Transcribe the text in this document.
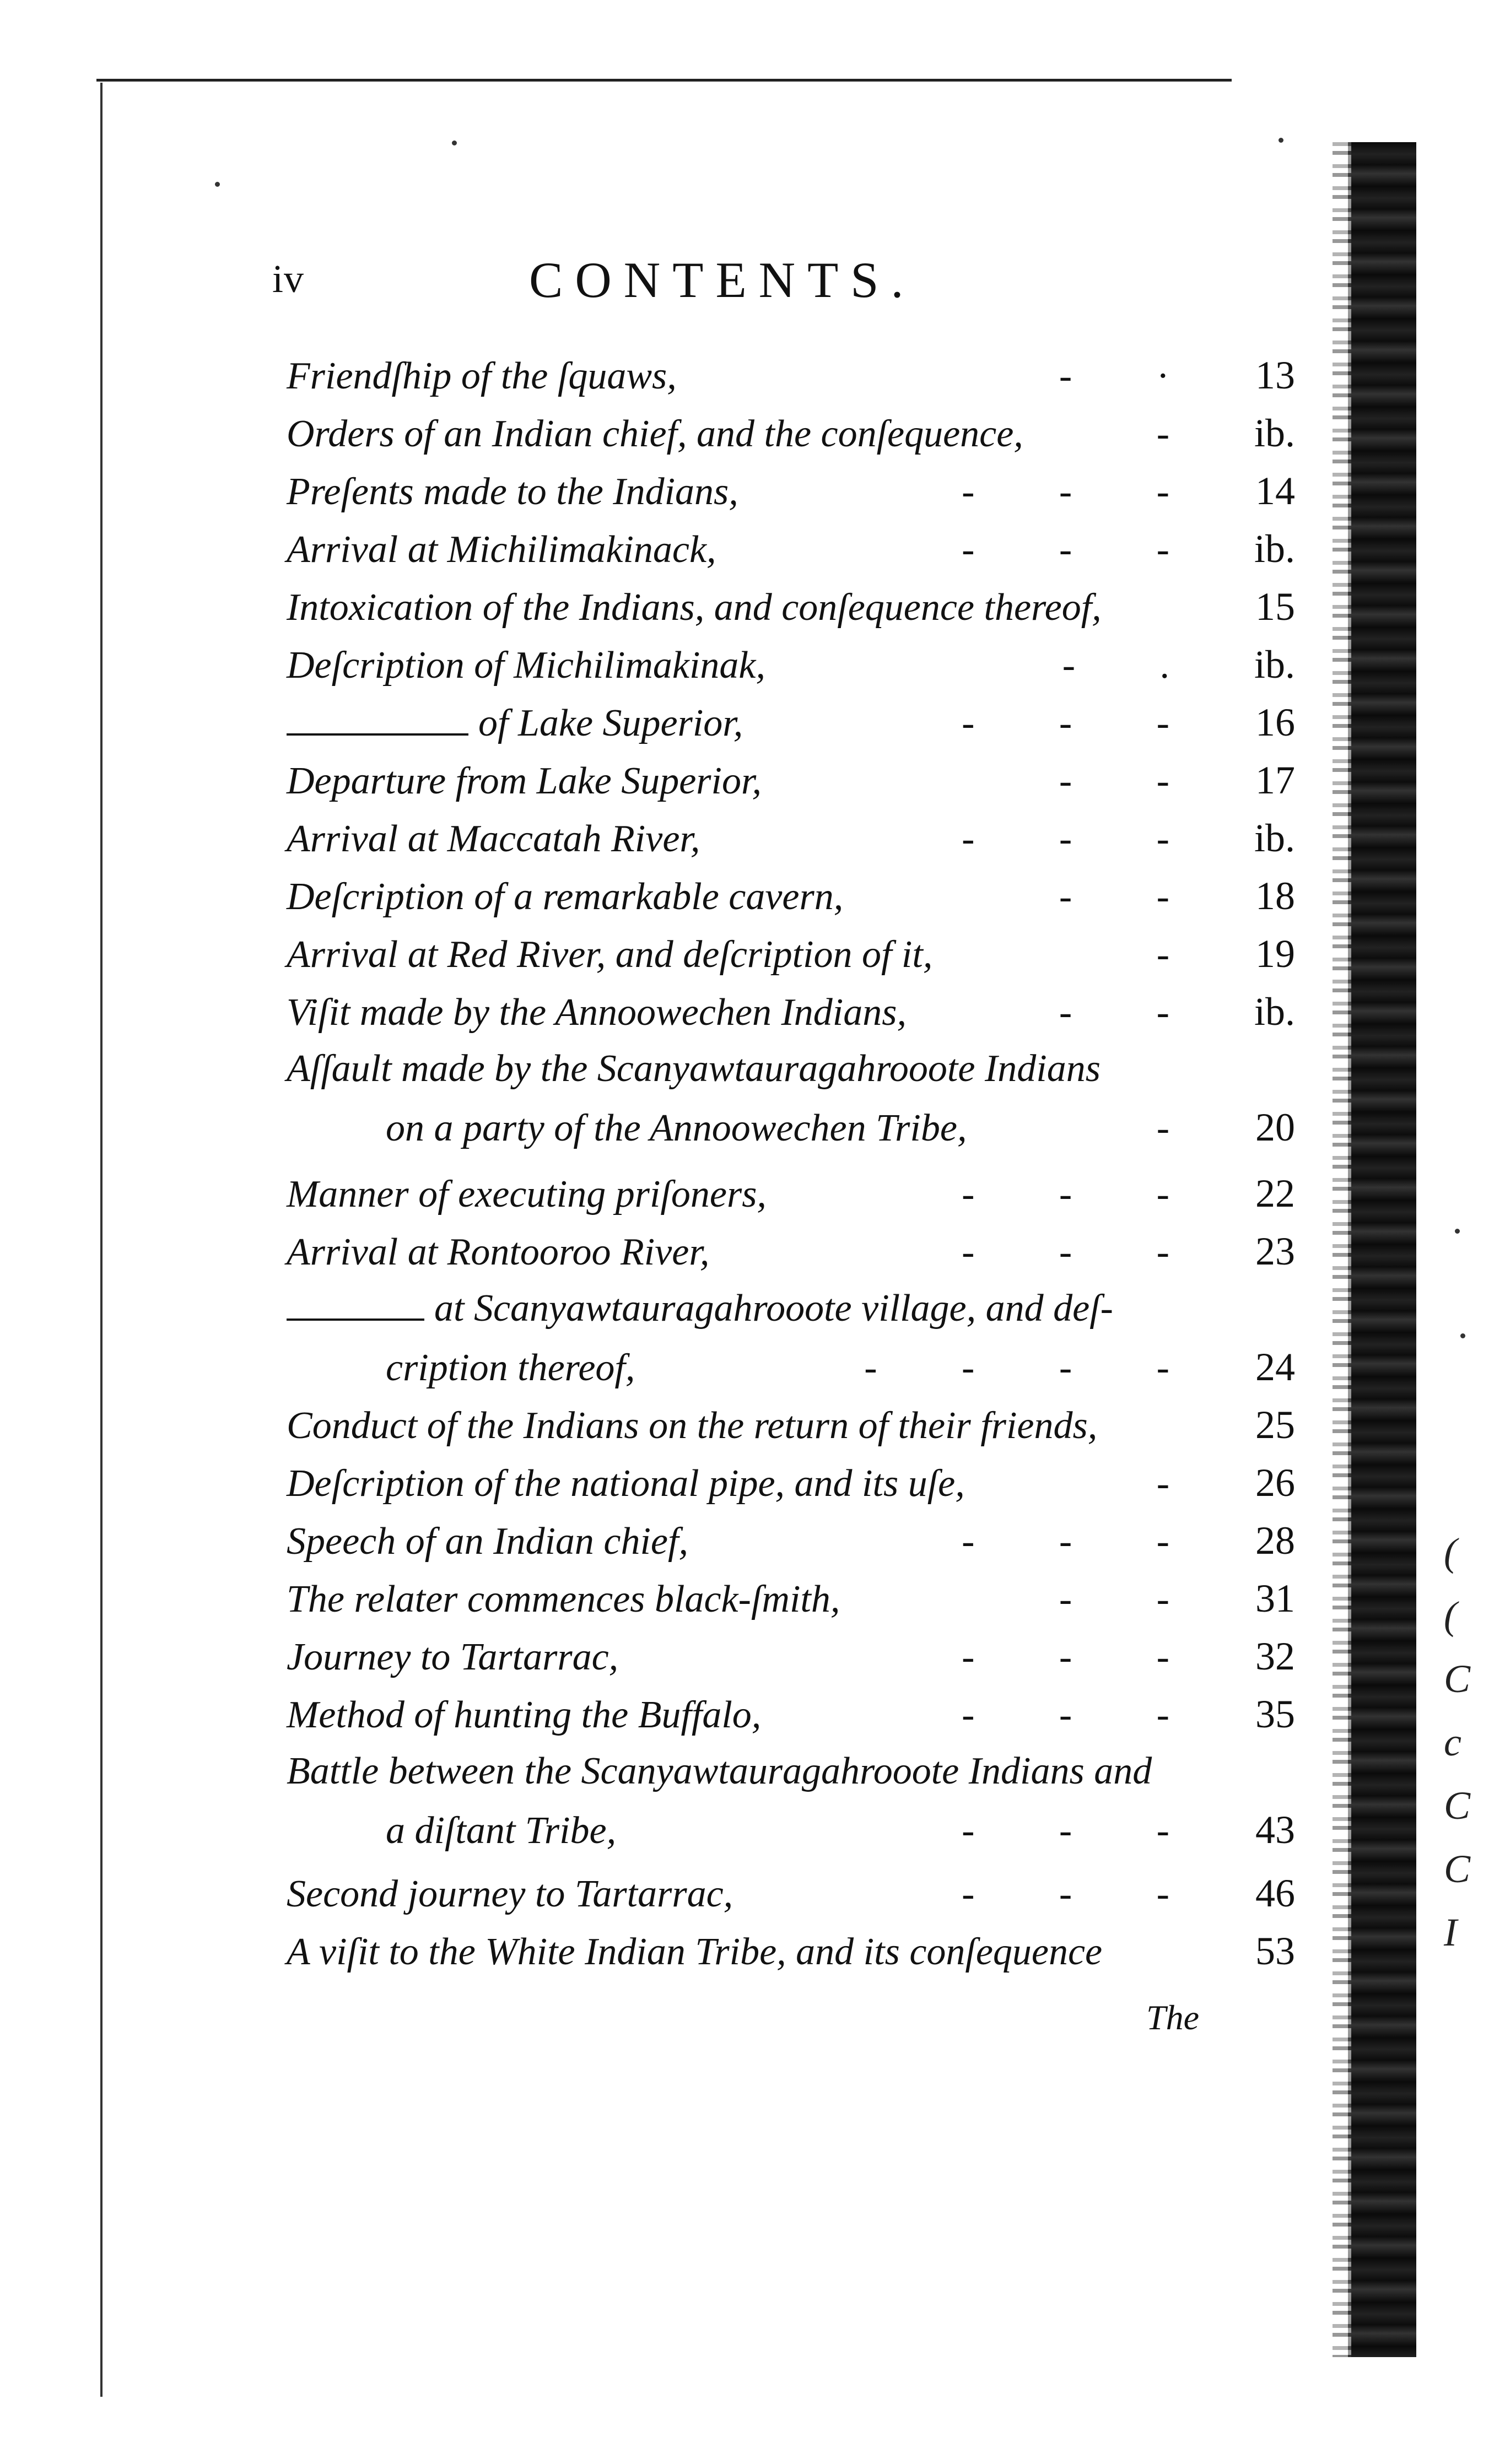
(
(
C
c
C
C
I
iv	CONTENTS.
Friendſhip of the ſquaws,	- ·	13
Orders of an Indian chief, and the conſequence,	-	ib.
Preſents made to the Indians,	- - -	14
Arrival at Michilimakinack,	- - -	ib.
Intoxication of the Indians, and conſequence thereof,	15
Deſcription of Michilimakinak,	- .	ib.
of Lake Superior,	- - -	16
Departure from Lake Superior,	- -	17
Arrival at Maccatah River,	- - -	ib.
Deſcription of a remarkable cavern,	- -	18
Arrival at Red River, and deſcription of it,	-	19
Viſit made by the Annoowechen Indians,	- -	ib.
Aſſault made by the Scanyawtauragahrooote Indians
on a party of the Annoowechen Tribe,	-	20
Manner of executing priſoners,	- - -	22
Arrival at Rontooroo River,	- - -	23
at Scanyawtauragahrooote village, and deſ-
cription thereof,	- - - -	24
Conduct of the Indians on the return of their friends,	25
Deſcription of the national pipe, and its uſe,	-	26
Speech of an Indian chief,	- - -	28
The relater commences black-ſmith,	- -	31
Journey to Tartarrac,	- - -	32
Method of hunting the Buffalo,	- - -	35
Battle between the Scanyawtauragahrooote Indians and
a diſtant Tribe,	- - -	43
Second journey to Tartarrac,	- - -	46
A viſit to the White Indian Tribe, and its conſequence	53
The
